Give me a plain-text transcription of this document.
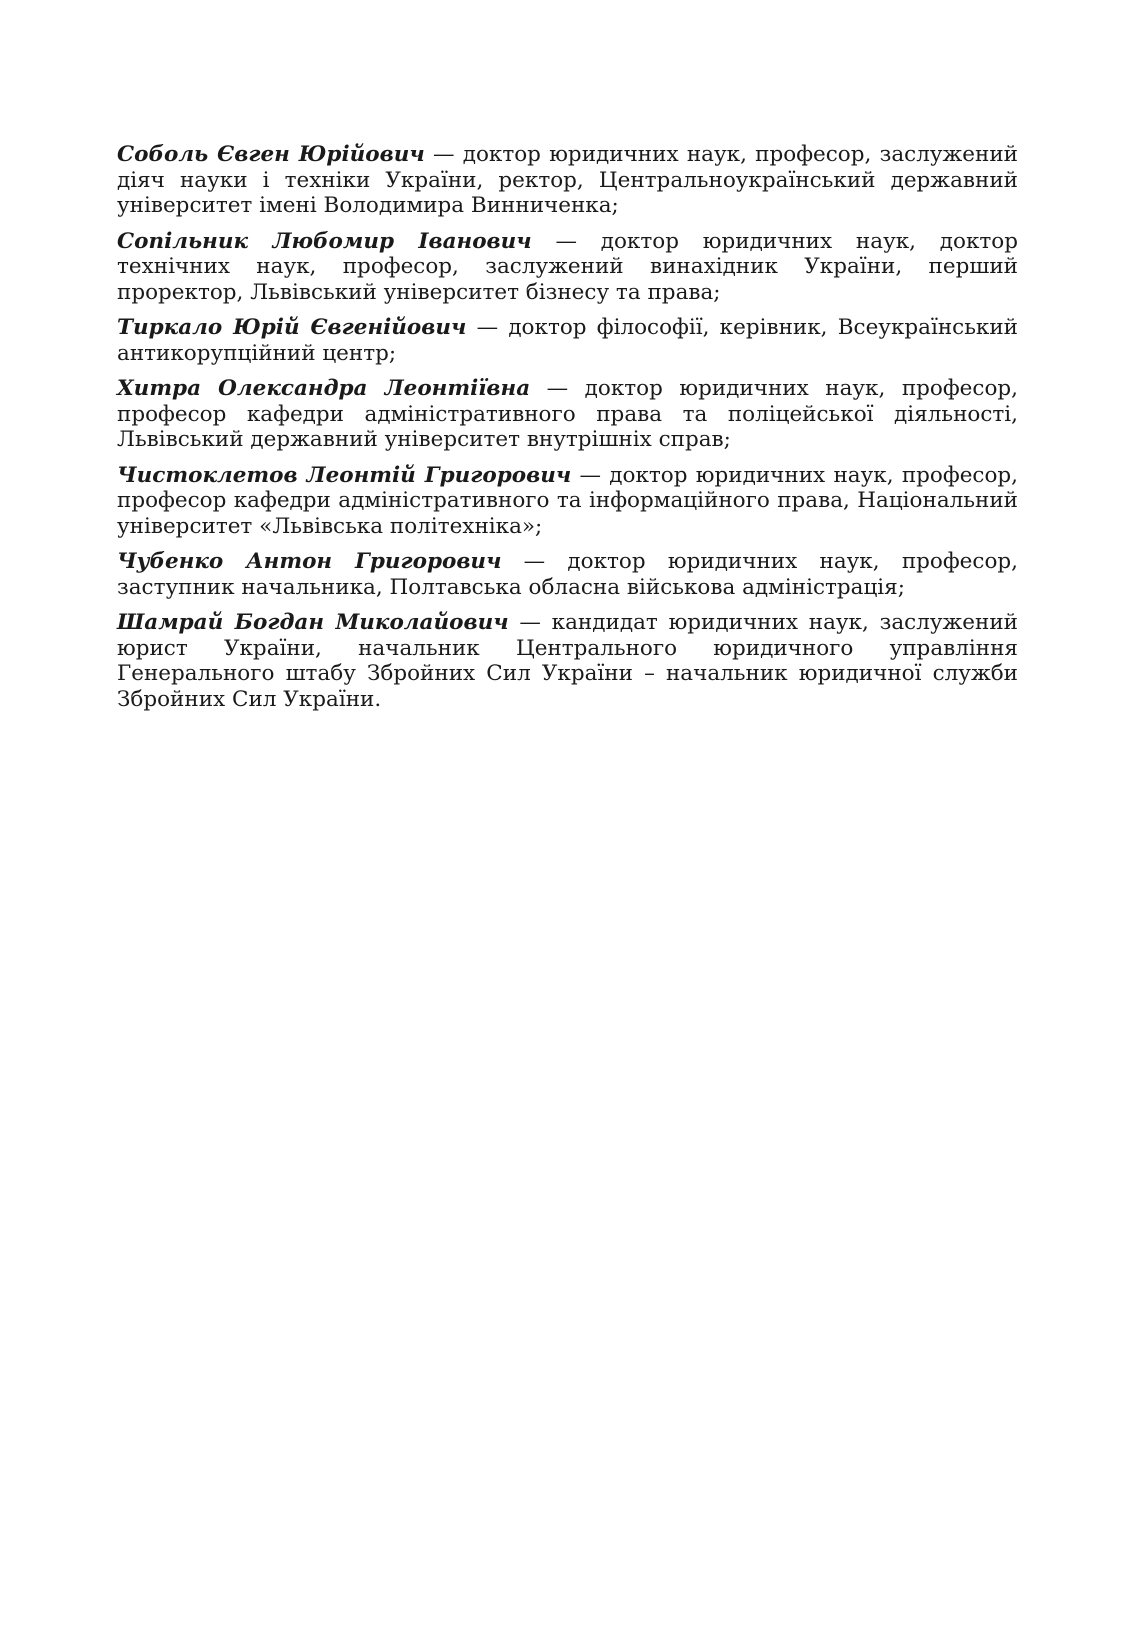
Соболь Євген Юрійович — доктор юридичних наук, професор, заслужений діяч науки і техніки України, ректор, Центральноукраїнський державний університет імені Володимира Винниченка;

Сопільник Любомир Іванович — доктор юридичних наук, доктор технічних наук, професор, заслужений винахідник України, перший проректор, Львівський університет бізнесу та права;

Тиркало Юрій Євгенійович — доктор філософії, керівник, Всеукраїнський антикорупційний центр;

Хитра Олександра Леонтіївна — доктор юридичних наук, професор, професор кафедри адміністративного права та поліцейської діяльності, Львівський державний університет внутрішніх справ;

Чистоклетов Леонтій Григорович — доктор юридичних наук, професор, професор кафедри адміністративного та інформаційного права, Національний університет «Львівська політехніка»;

Чубенко Антон Григорович — доктор юридичних наук, професор, заступник начальника, Полтавська обласна військова адміністрація;

Шамрай Богдан Миколайович — кандидат юридичних наук, заслужений юрист України, начальник Центрального юридичного управління Генерального штабу Збройних Сил України – начальник юридичної служби Збройних Сил України.
